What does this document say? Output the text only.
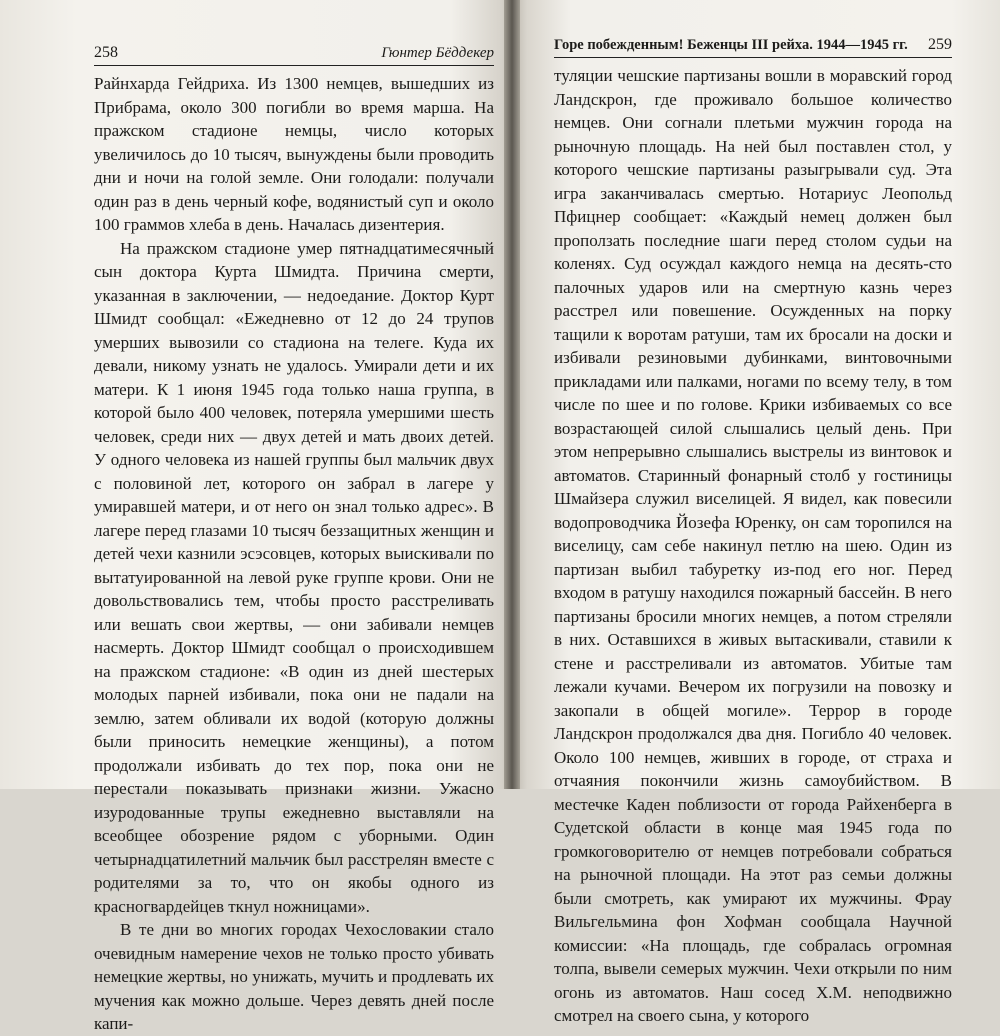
258	Гюнтер Бёддекер

Райнхарда Гейдриха. Из 1300 немцев, вышедших из Прибрама, около 300 погибли во время марша. На пражском стадионе немцы, число которых увеличилось до 10 тысяч, вынуждены были проводить дни и ночи на голой земле. Они голодали: получали один раз в день черный кофе, водянистый суп и около 100 граммов хлеба в день. Началась дизентерия.

На пражском стадионе умер пятнадцатимесячный сын доктора Курта Шмидта. Причина смерти, указанная в заключении, — недоедание. Доктор Курт Шмидт сообщал: «Ежедневно от 12 до 24 трупов умерших вывозили со стадиона на телеге. Куда их девали, никому узнать не удалось. Умирали дети и их матери. К 1 июня 1945 года только наша группа, в которой было 400 человек, потеряла умершими шесть человек, среди них — двух детей и мать двоих детей. У одного человека из нашей группы был мальчик двух с половиной лет, которого он забрал в лагере у умиравшей матери, и от него он знал только адрес». В лагере перед глазами 10 тысяч беззащитных женщин и детей чехи казнили эсэсовцев, которых выискивали по вытатуированной на левой руке группе крови. Они не довольствовались тем, чтобы просто расстреливать или вешать свои жертвы, — они забивали немцев насмерть. Доктор Шмидт сообщал о происходившем на пражском стадионе: «В один из дней шестерых молодых парней избивали, пока они не падали на землю, затем обливали их водой (которую должны были приносить немецкие женщины), а потом продолжали избивать до тех пор, пока они не перестали показывать признаки жизни. Ужасно изуродованные трупы ежедневно выставляли на всеобщее обозрение рядом с уборными. Один четырнадцатилетний мальчик был расстрелян вместе с родителями за то, что он якобы одного из красногвардейцев ткнул ножницами».

В те дни во многих городах Чехословакии стало очевидным намерение чехов не только просто убивать немецкие жертвы, но унижать, мучить и продлевать их мучения как можно дольше. Через девять дней после капи-

Горе побежденным! Беженцы III рейха. 1944—1945 гг. 259

туляции чешские партизаны вошли в моравский город Ландскрон, где проживало большое количество немцев. Они согнали плетьми мужчин города на рыночную площадь. На ней был поставлен стол, у которого чешские партизаны разыгрывали суд. Эта игра заканчивалась смертью. Нотариус Леопольд Пфицнер сообщает: «Каждый немец должен был проползать последние шаги перед столом судьи на коленях. Суд осуждал каждого немца на десять-сто палочных ударов или на смертную казнь через расстрел или повешение. Осужденных на порку тащили к воротам ратуши, там их бросали на доски и избивали резиновыми дубинками, винтовочными прикладами или палками, ногами по всему телу, в том числе по шее и по голове. Крики избиваемых со все возрастающей силой слышались целый день. При этом непрерывно слышались выстрелы из винтовок и автоматов. Старинный фонарный столб у гостиницы Шмайзера служил виселицей. Я видел, как повесили водопроводчика Йозефа Юренку, он сам торопился на виселицу, сам себе накинул петлю на шею. Один из партизан выбил табуретку из-под его ног. Перед входом в ратушу находился пожарный бассейн. В него партизаны бросили многих немцев, а потом стреляли в них. Оставшихся в живых вытаскивали, ставили к стене и расстреливали из автоматов. Убитые там лежали кучами. Вечером их погрузили на повозку и закопали в общей могиле». Террор в городе Ландскрон продолжался два дня. Погибло 40 человек. Около 100 немцев, живших в городе, от страха и отчаяния покончили жизнь самоубийством. В местечке Каден поблизости от города Райхенберга в Судетской области в конце мая 1945 года по громкоговорителю от немцев потребовали собраться на рыночной площади. На этот раз семьи должны были смотреть, как умирают их мужчины. Фрау Вильгельмина фон Хофман сообщала Научной комиссии: «На площадь, где собралась огромная толпа, вывели семерых мужчин. Чехи открыли по ним огонь из автоматов. Наш сосед Х.М. неподвижно смотрел на своего сына, у которого
